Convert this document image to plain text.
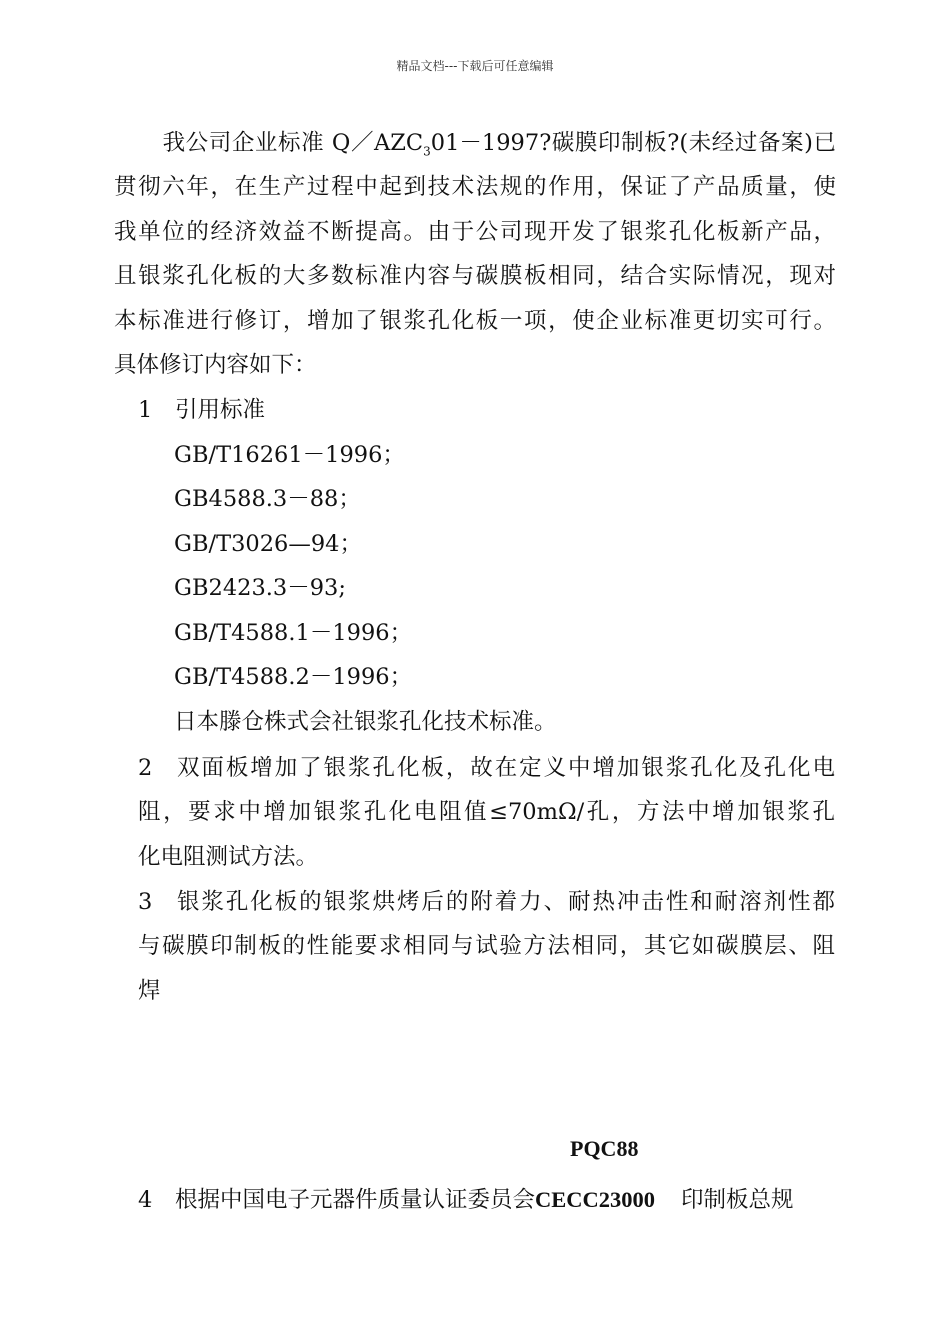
精品文档---下载后可任意编辑
我公司企业标准 $Q/AZC_301-1997$?碳膜印制板?(未经过备案)已
贯彻六年，在生产过程中起到技术法规的作用，保证了产品质量，使
我单位的经济效益不断提高。由于公司现开发了银浆孔化板新产品，
且银浆孔化板的大多数标准内容与碳膜板相同，结合实际情况，现对
本标准进行修订，增加了银浆孔化板一项，使企业标准更切实可行。
具体修订内容如下：
1 引用标准
GB/T16261－1996；
GB4588.3－88；
GB/T3026—94；
GB2423.3－93;
GB/T4588.1－1996；
GB/T4588.2－1996；
日本滕仓株式会社银浆孔化技术标准。
2 双面板增加了银浆孔化板，故在定义中增加银浆孔化及孔化电
阻，要求中增加银浆孔化电阻值≤70mΩ/孔，方法中增加银浆孔
化电阻测试方法。
3 银浆孔化板的银浆烘烤后的附着力、耐热冲击性和耐溶剂性都
与碳膜印制板的性能要求相同与试验方法相同，其它如碳膜层、阻
焊
PQC88
4 根据中国电子元器件质量认证委员会CECC23000 印制板总规
